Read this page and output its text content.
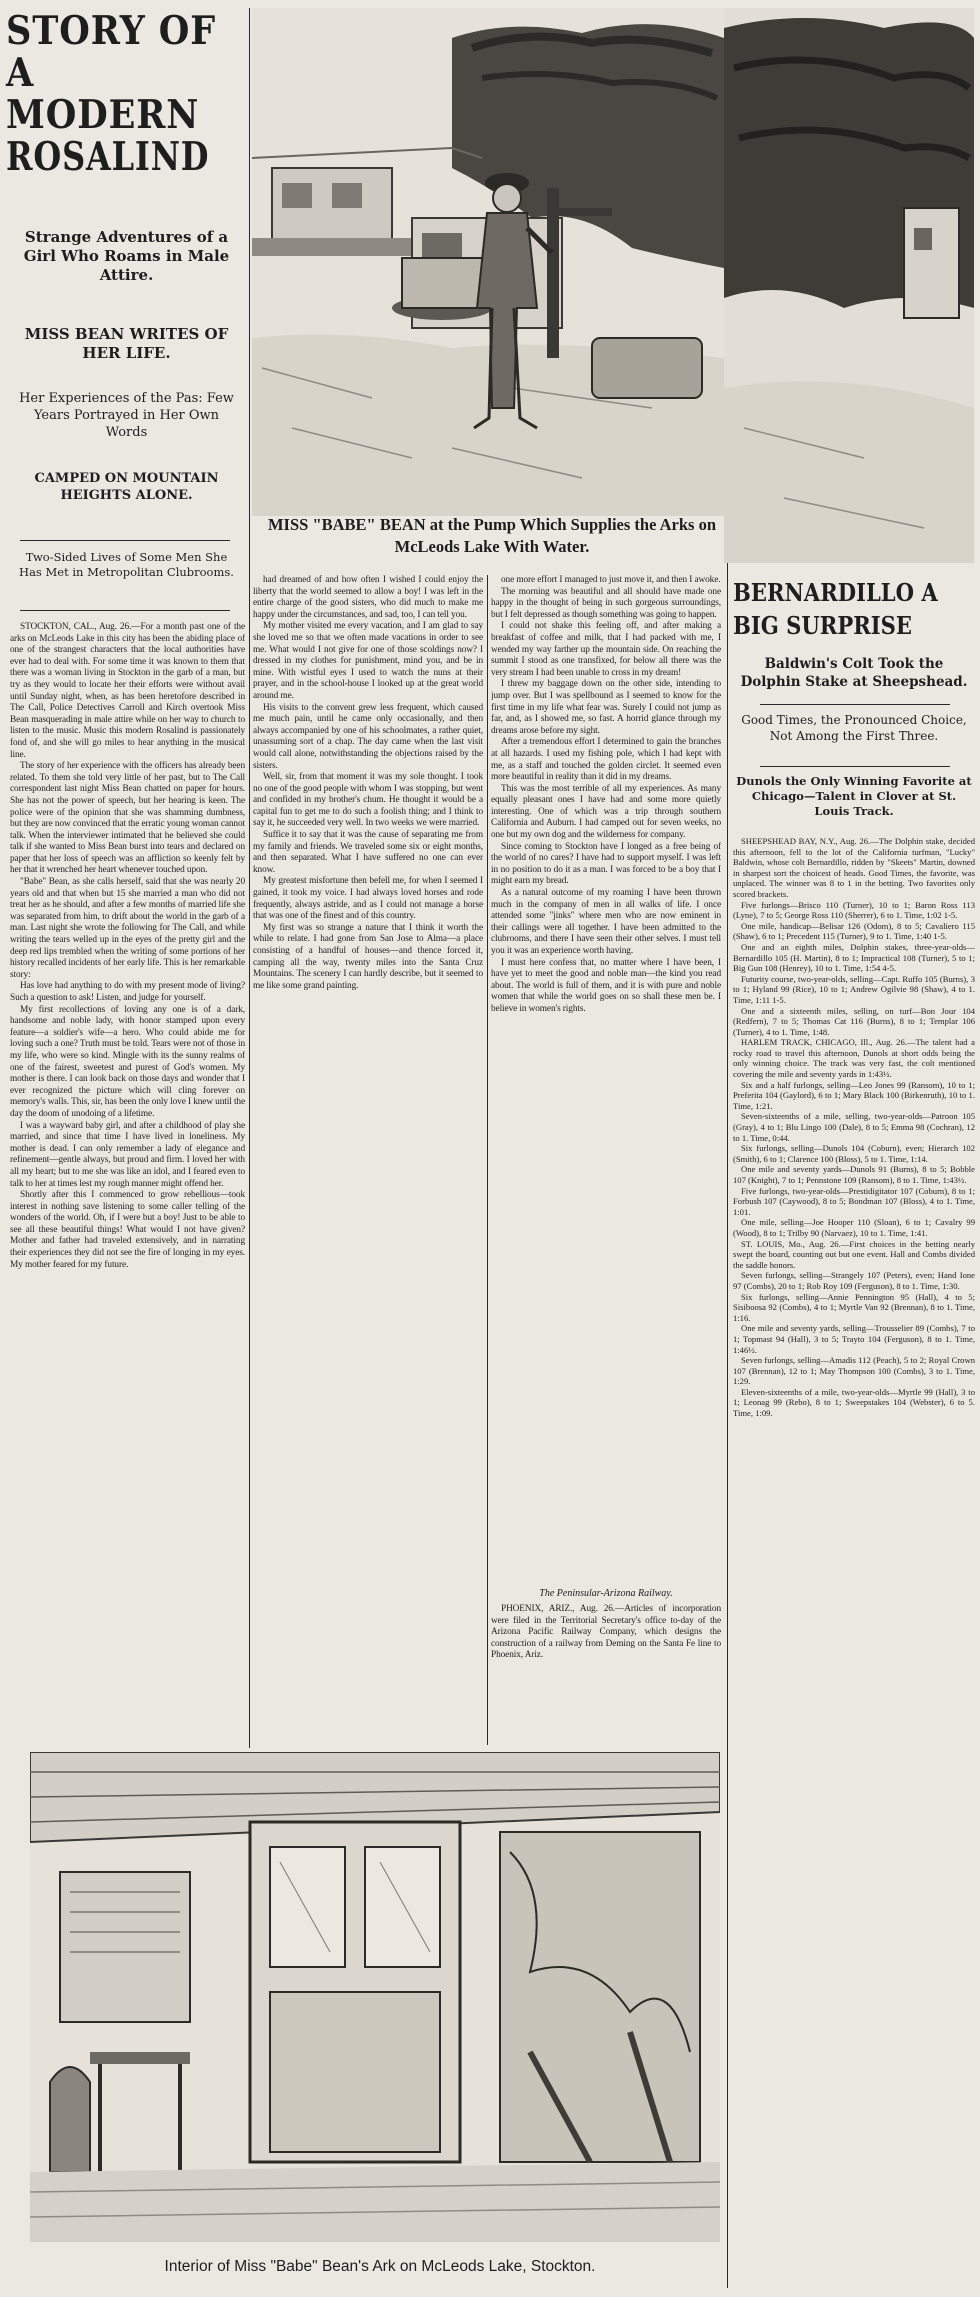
STORY OF
A MODERN
ROSALIND
Strange Adventures of a Girl Who Roams in Male Attire.
MISS BEAN WRITES OF HER LIFE.
Her Experiences of the Pas: Few Years Portrayed in Her Own Words
CAMPED ON MOUNTAIN HEIGHTS ALONE.
Two-Sided Lives of Some Men She Has Met in Metropolitan Clubrooms.

STOCKTON, CAL., Aug. 26.—For a month past one of the arks on McLeods Lake in this city has been the abiding place of one of the strangest characters that the local authorities have ever had to deal with. For some time it was known to them that there was a woman living in Stockton in the garb of a man, but try as they would to locate her their efforts were without avail until Sunday night, when, as has been heretofore described in The Call, Police Detectives Carroll and Kirch overtook Miss Bean masquerading in male attire while on her way to church to listen to the music. Music this modern Rosalind is passionately fond of, and she will go miles to hear anything in the musical line.

The story of her experience with the officers has already been related. To them she told very little of her past, but to The Call correspondent last night Miss Bean chatted on paper for hours. She has not the power of speech, but her hearing is keen. The police were of the opinion that she was shamming dumbness, but they are now convinced that the erratic young woman cannot talk. When the interviewer intimated that he believed she could talk if she wanted to Miss Bean burst into tears and declared on paper that her loss of speech was an affliction so keenly felt by her that it wrenched her heart whenever touched upon.

"Babe" Bean, as she calls herself, said that she was nearly 20 years old and that when but 15 she married a man who did not treat her as he should, and after a few months of married life she was separated from him, to drift about the world in the garb of a man. Last night she wrote the following for The Call, and while writing the tears welled up in the eyes of the pretty girl and the deep red lips trembled when the writing of some portions of her history recalled incidents of her early life. This is her remarkable story:

Has love had anything to do with my present mode of living? Such a question to ask! Listen, and judge for yourself.

My first recollections of loving any one is of a dark, handsome and noble lady, with honor stamped upon every feature—a soldier's wife—a hero. Who could abide me for loving such a one? Truth must be told. Tears were not of those in my life, who were so kind. Mingle with its the sunny realms of one of the fairest, sweetest and purest of God's women. My mother is there. I can look back on those days and wonder that I ever recognized the picture which will cling forever on memory's walls. This, sir, has been the only love I knew until the day the doom of unodoing of a lifetime.

I was a wayward baby girl, and after a childhood of play she married, and since that time I have lived in loneliness. My mother is dead. I can only remember a lady of elegance and refinement—gentle always, but proud and firm. I loved her with all my heart; but to me she was like an idol, and I feared even to talk to her at times lest my rough manner might offend her.

Shortly after this I commenced to grow rebellious—took interest in nothing save listening to some caller telling of the wonders of the world. Oh, if I were but a boy! Just to be able to see all these beautiful things! What would I not have given? Mother and father had traveled extensively, and in narrating their experiences they did not see the fire of longing in my eyes. My mother feared for my future.

MISS "BABE" BEAN at the Pump Which Supplies the Arks on McLeods Lake With Water.

had dreamed of and how often I wished I could enjoy the liberty that the world seemed to allow a boy! I was left in the entire charge of the good sisters, who did much to make me happy under the circumstances, and sad, too, I can tell you.

My mother visited me every vacation, and I am glad to say she loved me so that we often made vacations in order to see me. What would I not give for one of those scoldings now? I dressed in my clothes for punishment, mind you, and be in mine. With wistful eyes I used to watch the nuns at their prayer, and in the school-house I looked up at the great world around me.

His visits to the convent grew less frequent, which caused me much pain, until he came only occasionally, and then always accompanied by one of his schoolmates, a rather quiet, unassuming sort of a chap. The day came when the last visit would call alone, notwithstanding the objections raised by the sisters.

Well, sir, from that moment it was my sole thought. I took no one of the good people with whom I was stopping, but went and confided in my brother's chum. He thought it would be a capital fun to get me to do such a foolish thing; and I think to say it, he succeeded very well. In two weeks we were married.

Suffice it to say that it was the cause of separating me from my family and friends. We traveled some six or eight months, and then separated. What I have suffered no one can ever know.

My greatest misfortune then befell me, for when I seemed I gained, it took my voice. I had always loved horses and rode frequently, always astride, and as I could not manage a horse that was one of the finest and of this country.

My first was so strange a nature that I think it worth the while to relate. I had gone from San Jose to Alma—a place consisting of a handful of houses—and thence forced it, camping all the way, twenty miles into the Santa Cruz Mountains. The scenery I can hardly describe, but it seemed to me like some grand painting.

one more effort I managed to just move it, and then I awoke.

The morning was beautiful and all should have made one happy in the thought of being in such gorgeous surroundings, but I felt depressed as though something was going to happen.

I could not shake this feeling off, and after making a breakfast of coffee and milk, that I had packed with me, I wended my way farther up the mountain side. On reaching the summit I stood as one transfixed, for below all there was the very stream I had been unable to cross in my dream!

I threw my baggage down on the other side, intending to jump over. But I was spellbound as I seemed to know for the first time in my life what fear was. Surely I could not jump as far, and, as I showed me, so fast. A horrid glance through my dreams arose before my sight.

After a tremendous effort I determined to gain the branches at all hazards. I used my fishing pole, which I had kept with me, as a staff and touched the golden circlet. It seemed even more beautiful in reality than it did in my dreams.

This was the most terrible of all my experiences. As many equally pleasant ones I have had and some more quietly interesting. One of which was a trip through southern California and Auburn. I had camped out for seven weeks, no one but my own dog and the wilderness for company.

Since coming to Stockton have I longed as a free being of the world of no cares? I have had to support myself. I was left in no position to do it as a man. I was forced to be a boy that I might earn my bread.

As a natural outcome of my roaming I have been thrown much in the company of men in all walks of life. I once attended some "jinks" where men who are now eminent in their callings were all together. I have been admitted to the clubrooms, and there I have seen their other selves. I must tell you it was an experience worth having.

I must here confess that, no matter where I have been, I have yet to meet the good and noble man—the kind you read about. The world is full of them, and it is with pure and noble women that while the world goes on so shall these men be. I believe in women's rights.

The Peninsular-Arizona Railway.
PHOENIX, ARIZ., Aug. 26.—Articles of incorporation were filed in the Territorial Secretary's office to-day of the Arizona Pacific Railway Company, which designs the construction of a railway from Deming on the Santa Fe line to Phoenix, Ariz.
BERNARDILLO A
BIG SURPRISE
Baldwin's Colt Took the Dolphin Stake at Sheepshead.
Good Times, the Pronounced Choice, Not Among the First Three.
Dunols the Only Winning Favorite at Chicago—Talent in Clover at St. Louis Track.

SHEEPSHEAD BAY, N.Y., Aug. 26.—The Dolphin stake, decided this afternoon, fell to the lot of the California turfman, "Lucky" Baldwin, whose colt Bernardillo, ridden by "Skeets" Martin, downed in sharpest sort the choicest of heads. Good Times, the favorite, was unplaced. The winner was 8 to 1 in the betting. Two favorites only scored brackets.

Five furlongs—Brisco 110 (Turner), 10 to 1; Baron Ross 113 (Lyne), 7 to 5; George Ross 110 (Sherrer), 6 to 1. Time, 1:02 1-5.

One mile, handicap—Belisar 126 (Odom), 8 to 5; Cavaliero 115 (Shaw), 6 to 1; Precedent 115 (Turner), 9 to 1. Time, 1:40 1-5.

One and an eighth miles, Dolphin stakes, three-year-olds—Bernardillo 105 (H. Martin), 8 to 1; Impractical 108 (Turner), 5 to 1; Big Gun 108 (Henrey), 10 to 1. Time, 1:54 4-5.

Futurity course, two-year-olds, selling—Capt. Ruffo 105 (Burns), 3 to 1; Hyland 99 (Rice), 10 to 1; Andrew Ogilvie 98 (Shaw), 4 to 1. Time, 1:11 1-5.

One and a sixteenth miles, selling, on turf—Bon Jour 104 (Redfern), 7 to 5; Thomas Cat 116 (Burns), 8 to 1; Templar 106 (Turner), 4 to 1. Time, 1:48.

HARLEM TRACK, CHICAGO, Ill., Aug. 26.—The talent had a rocky road to travel this afternoon, Dunols at short odds being the only winning choice. The track was very fast, the colt mentioned covering the mile and seventy yards in 1:43½.

Six and a half furlongs, selling—Leo Jones 99 (Ransom), 10 to 1; Preferita 104 (Gaylord), 6 to 1; Mary Black 100 (Birkenruth), 10 to 1. Time, 1:21.

Seven-sixteenths of a mile, selling, two-year-olds—Patroon 105 (Gray), 4 to 1; Blu Lingo 100 (Dale), 8 to 5; Emma 98 (Cochran), 12 to 1. Time, 0:44.

Six furlongs, selling—Dunols 104 (Coburn), even; Hierarch 102 (Smith), 6 to 1; Clarence 100 (Bloss), 5 to 1. Time, 1:14.

One mile and seventy yards—Dunols 91 (Burns), 8 to 5; Bobble 107 (Knight), 7 to 1; Pennstone 109 (Ransom), 8 to 1. Time, 1:43½.

Five furlongs, two-year-olds—Prestidigitator 107 (Coburn), 8 to 1; Forbush 107 (Caywood), 8 to 5; Bondman 107 (Bloss), 4 to 1. Time, 1:01.

One mile, selling—Joe Hooper 110 (Sloan), 6 to 1; Cavalry 99 (Wood), 8 to 1; Trilby 90 (Narvaez), 10 to 1. Time, 1:41.

ST. LOUIS, Mo., Aug. 26.—First choices in the betting nearly swept the board, counting out but one event. Hall and Combs divided the saddle honors.

Seven furlongs, selling—Strangely 107 (Peters), even; Hand Ione 97 (Combs), 20 to 1; Rob Roy 109 (Ferguson), 8 to 1. Time, 1:30.

Six furlongs, selling—Annie Pennington 95 (Hall), 4 to 5; Sisiboosa 92 (Combs), 4 to 1; Myrtle Van 92 (Brennan), 8 to 1. Time, 1:16.

One mile and seventy yards, selling—Trousselier 89 (Combs), 7 to 1; Topmast 94 (Hall), 3 to 5; Trayto 104 (Ferguson), 8 to 1. Time, 1:46½.

Seven furlongs, selling—Amadis 112 (Peach), 5 to 2; Royal Crown 107 (Brennan), 12 to 1; May Thompson 100 (Combs), 3 to 1. Time, 1:29.

Eleven-sixteenths of a mile, two-year-olds—Myrtle 99 (Hall), 3 to 1; Leonag 99 (Rebo), 8 to 1; Sweepstakes 104 (Webster), 6 to 5. Time, 1:09.

Interior of Miss "Babe" Bean's Ark on McLeods Lake, Stockton.
